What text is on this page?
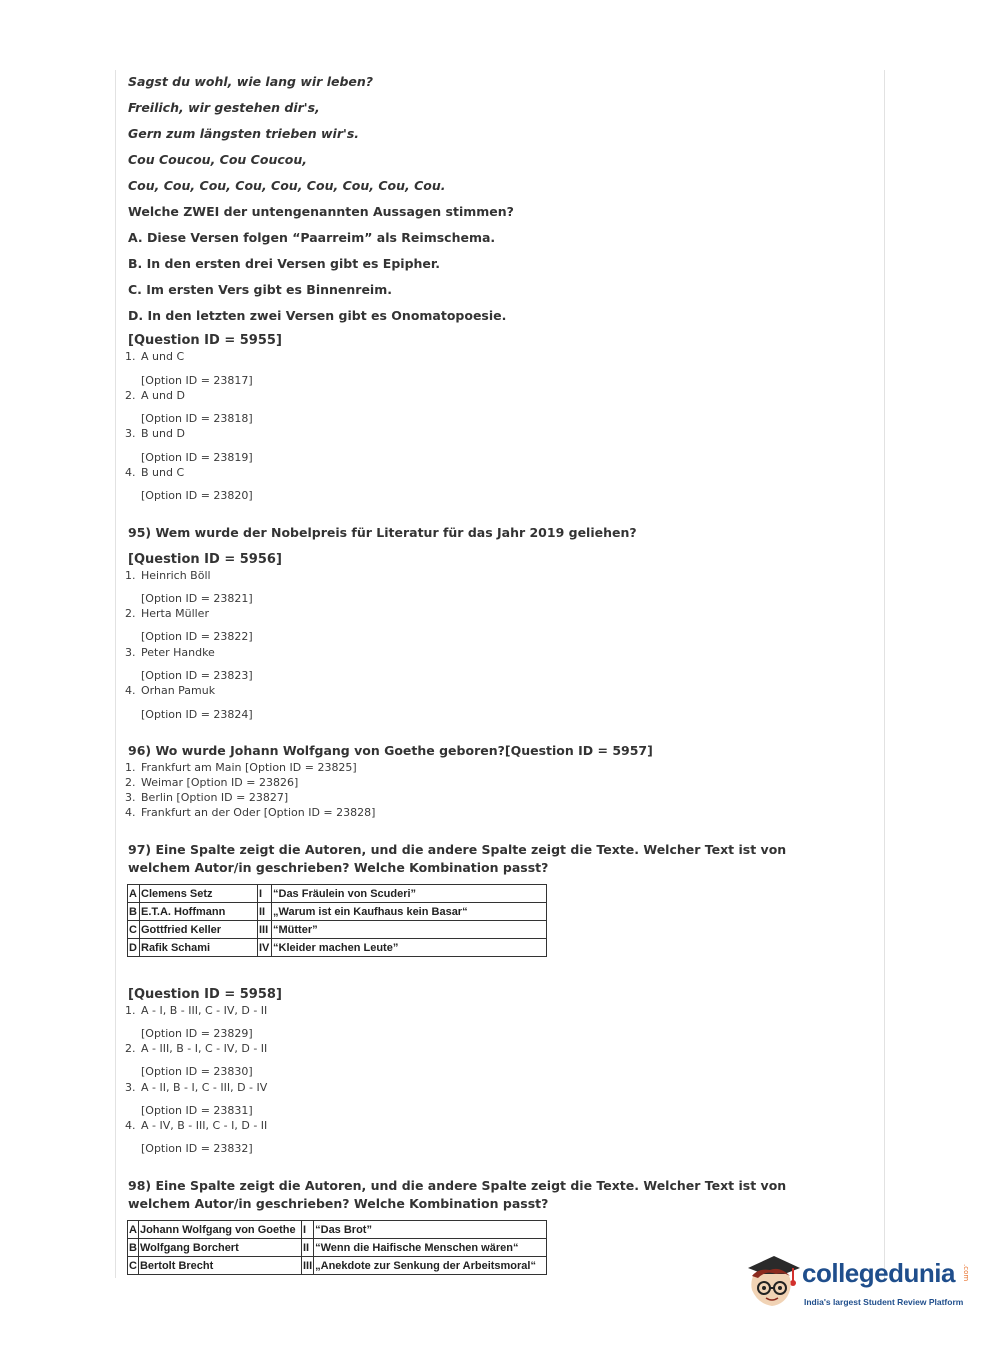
Sagst du wohl, wie lang wir leben?
Freilich, wir gestehen dir's,
Gern zum längsten trieben wir's.
Cou Coucou, Cou Coucou,
Cou, Cou, Cou, Cou, Cou, Cou, Cou, Cou, Cou.
Welche ZWEI der untengenannten Aussagen stimmen?
A. Diese Versen folgen “Paarreim” als Reimschema.
B. In den ersten drei Versen gibt es Epipher.
C. Im ersten Vers gibt es Binnenreim.
D. In den letzten zwei Versen gibt es Onomatopoesie.
[Question ID = 5955]
1. A und C
[Option ID = 23817]
2. A und D
[Option ID = 23818]
3. B und D
[Option ID = 23819]
4. B und C
[Option ID = 23820]
95) Wem wurde der Nobelpreis für Literatur für das Jahr 2019 geliehen?
[Question ID = 5956]
1. Heinrich Böll
[Option ID = 23821]
2. Herta Müller
[Option ID = 23822]
3. Peter Handke
[Option ID = 23823]
4. Orhan Pamuk
[Option ID = 23824]
96) Wo wurde Johann Wolfgang von Goethe geboren?[Question ID = 5957]
1. Frankfurt am Main [Option ID = 23825]
2. Weimar [Option ID = 23826]
3. Berlin [Option ID = 23827]
4. Frankfurt an der Oder [Option ID = 23828]
97) Eine Spalte zeigt die Autoren, und die andere Spalte zeigt die Texte. Welcher Text ist von welchem Autor/in geschrieben? Welche Kombination passt?
A	Clemens Setz	I	“Das Fräulein von Scuderi”
B	E.T.A. Hoffmann	II	„Warum ist ein Kaufhaus kein Basar“
C	Gottfried Keller	III	“Mütter”
D	Rafik Schami	IV	“Kleider machen Leute”
[Question ID = 5958]
1. A - I, B - III, C - IV, D - II
[Option ID = 23829]
2. A - III, B - I, C - IV, D - II
[Option ID = 23830]
3. A - II, B - I, C - III, D - IV
[Option ID = 23831]
4. A - IV, B - III, C - I, D - II
[Option ID = 23832]
98) Eine Spalte zeigt die Autoren, und die andere Spalte zeigt die Texte. Welcher Text ist von welchem Autor/in geschrieben? Welche Kombination passt?
A	Johann Wolfgang von Goethe	I	“Das Brot”
B	Wolfgang Borchert	II	“Wenn die Haifische Menschen wären“
C	Bertolt Brecht	III	„Anekdote zur Senkung der Arbeitsmoral“	collegedunia .com
India's largest Student Review Platform
